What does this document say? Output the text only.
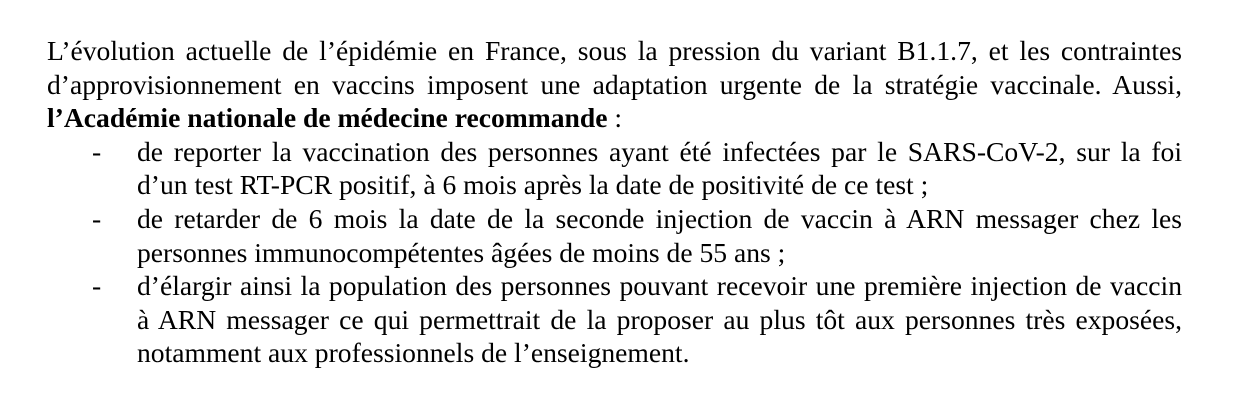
L’évolution actuelle de l’épidémie en France, sous la pression du variant B1.1.7, et les contraintes d’approvisionnement en vaccins imposent une adaptation urgente de la stratégie vaccinale. Aussi, l’Académie nationale de médecine recommande :

- de reporter la vaccination des personnes ayant été infectées par le SARS-CoV-2, sur la foi d’un test RT-PCR positif, à 6 mois après la date de positivité de ce test ;
- de retarder de 6 mois la date de la seconde injection de vaccin à ARN messager chez les personnes immunocompétentes âgées de moins de 55 ans ;
- d’élargir ainsi la population des personnes pouvant recevoir une première injection de vaccin à ARN messager ce qui permettrait de la proposer au plus tôt aux personnes très exposées, notamment aux professionnels de l’enseignement.
